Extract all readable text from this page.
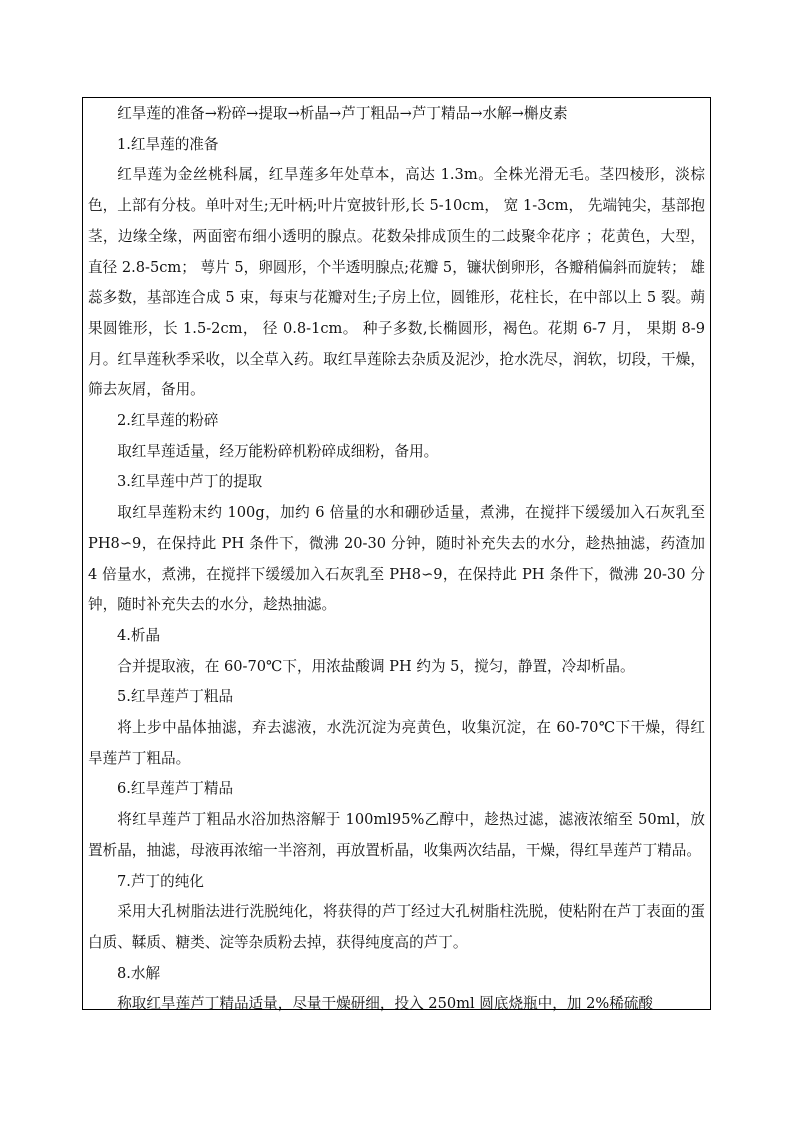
红旱莲的准备→粉碎→提取→析晶→芦丁粗品→芦丁精品→水解→槲皮素

1.红旱莲的准备

红旱莲为金丝桃科属，红旱莲多年处草本，高达 1.3m。全株光滑无毛。茎四棱形，淡棕色，上部有分枝。单叶对生;无叶柄;叶片宽披针形,长 5-10cm， 宽 1-3cm， 先端钝尖，基部抱茎，边缘全缘，两面密布细小透明的腺点。花数朵排成顶生的二歧聚伞花序 ；花黄色，大型，直径 2.8-5cm； 萼片 5，卵圆形，个半透明腺点;花瓣 5，镰状倒卵形，各瓣稍偏斜而旋转； 雄蕊多数，基部连合成 5 束，每束与花瓣对生;子房上位，圆锥形，花柱长，在中部以上 5 裂。蒴果圆锥形，长 1.5-2cm， 径 0.8-1cm。 种子多数,长椭圆形，褐色。花期 6-7 月， 果期 8-9 月。红旱莲秋季采收，以全草入药。取红旱莲除去杂质及泥沙，抢水洗尽，润软，切段，干燥，筛去灰屑，备用。

2.红旱莲的粉碎

取红旱莲适量，经万能粉碎机粉碎成细粉，备用。

3.红旱莲中芦丁的提取

取红旱莲粉末约 100g，加约 6 倍量的水和硼砂适量，煮沸，在搅拌下缓缓加入石灰乳至 PH8∽9，在保持此 PH 条件下，微沸 20-30 分钟，随时补充失去的水分，趁热抽滤，药渣加 4 倍量水，煮沸，在搅拌下缓缓加入石灰乳至 PH8∽9，在保持此 PH 条件下，微沸 20-30 分钟，随时补充失去的水分，趁热抽滤。

4.析晶

合并提取液，在 60-70℃下，用浓盐酸调 PH 约为 5，搅匀，静置，冷却析晶。

5.红旱莲芦丁粗品

将上步中晶体抽滤，弃去滤液，水洗沉淀为亮黄色，收集沉淀，在 60-70℃下干燥，得红旱莲芦丁粗品。

6.红旱莲芦丁精品

将红旱莲芦丁粗品水浴加热溶解于 100ml95%乙醇中，趁热过滤，滤液浓缩至 50ml，放置析晶，抽滤，母液再浓缩一半溶剂，再放置析晶，收集两次结晶，干燥，得红旱莲芦丁精品。

7.芦丁的纯化

采用大孔树脂法进行洗脱纯化，将获得的芦丁经过大孔树脂柱洗脱，使粘附在芦丁表面的蛋白质、鞣质、糖类、淀等杂质粉去掉，获得纯度高的芦丁。

8.水解

称取红旱莲芦丁精品适量，尽量干燥研细，投入 250ml 圆底烧瓶中，加 2%稀硫酸
